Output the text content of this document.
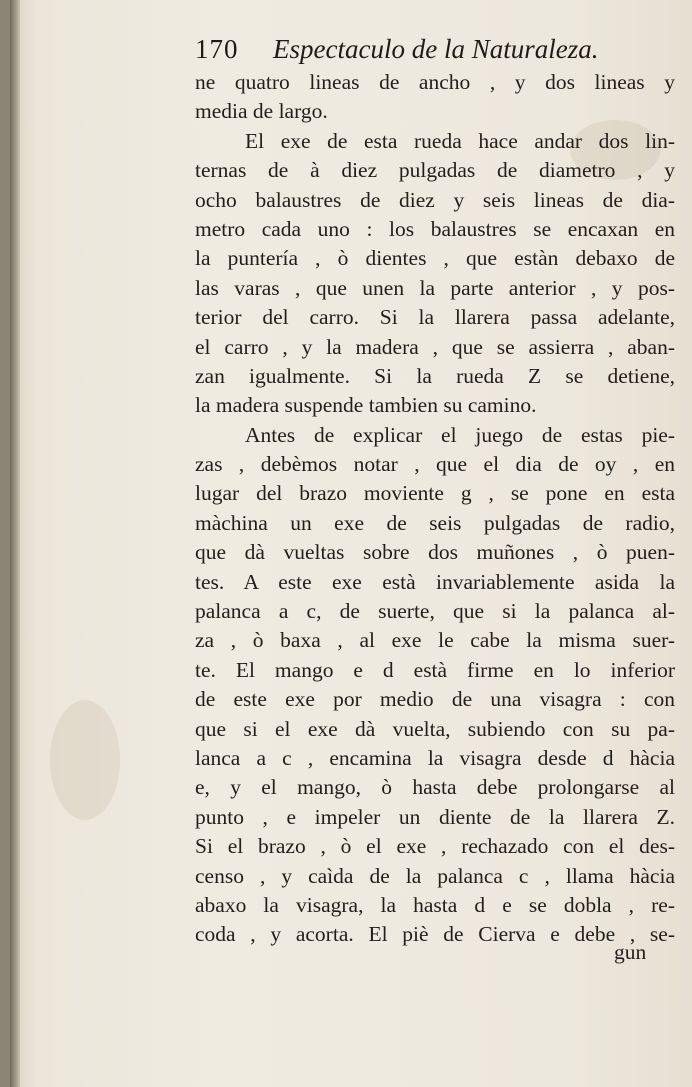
170 Espectaculo de la Naturaleza.
ne quatro lineas de ancho , y dos lineas y
media de largo.
El exe de esta rueda hace andar dos lin-
ternas de à diez pulgadas de diametro , y
ocho balaustres de diez y seis lineas de dia-
metro cada uno : los balaustres se encaxan en
la puntería , ò dientes , que estàn debaxo de
las varas , que unen la parte anterior , y pos-
terior del carro. Si la llarera passa adelante,
el carro , y la madera , que se assierra , aban-
zan igualmente. Si la rueda Z se detiene,
la madera suspende tambien su camino.
Antes de explicar el juego de estas pie-
zas , debèmos notar , que el dia de oy , en
lugar del brazo moviente g , se pone en esta
màchina un exe de seis pulgadas de radio,
que dà vueltas sobre dos muñones , ò puen-
tes. A este exe està invariablemente asida la
palanca a c, de suerte, que si la palanca al-
za , ò baxa , al exe le cabe la misma suer-
te. El mango e d està firme en lo inferior
de este exe por medio de una visagra : con
que si el exe dà vuelta, subiendo con su pa-
lanca a c , encamina la visagra desde d hàcia
e, y el mango, ò hasta debe prolongarse al
punto , e impeler un diente de la llarera Z.
Si el brazo , ò el exe , rechazado con el des-
censo , y caìda de la palanca c , llama hàcia
abaxo la visagra, la hasta d e se dobla , re-
coda , y acorta. El piè de Cierva e debe , se-
gun
